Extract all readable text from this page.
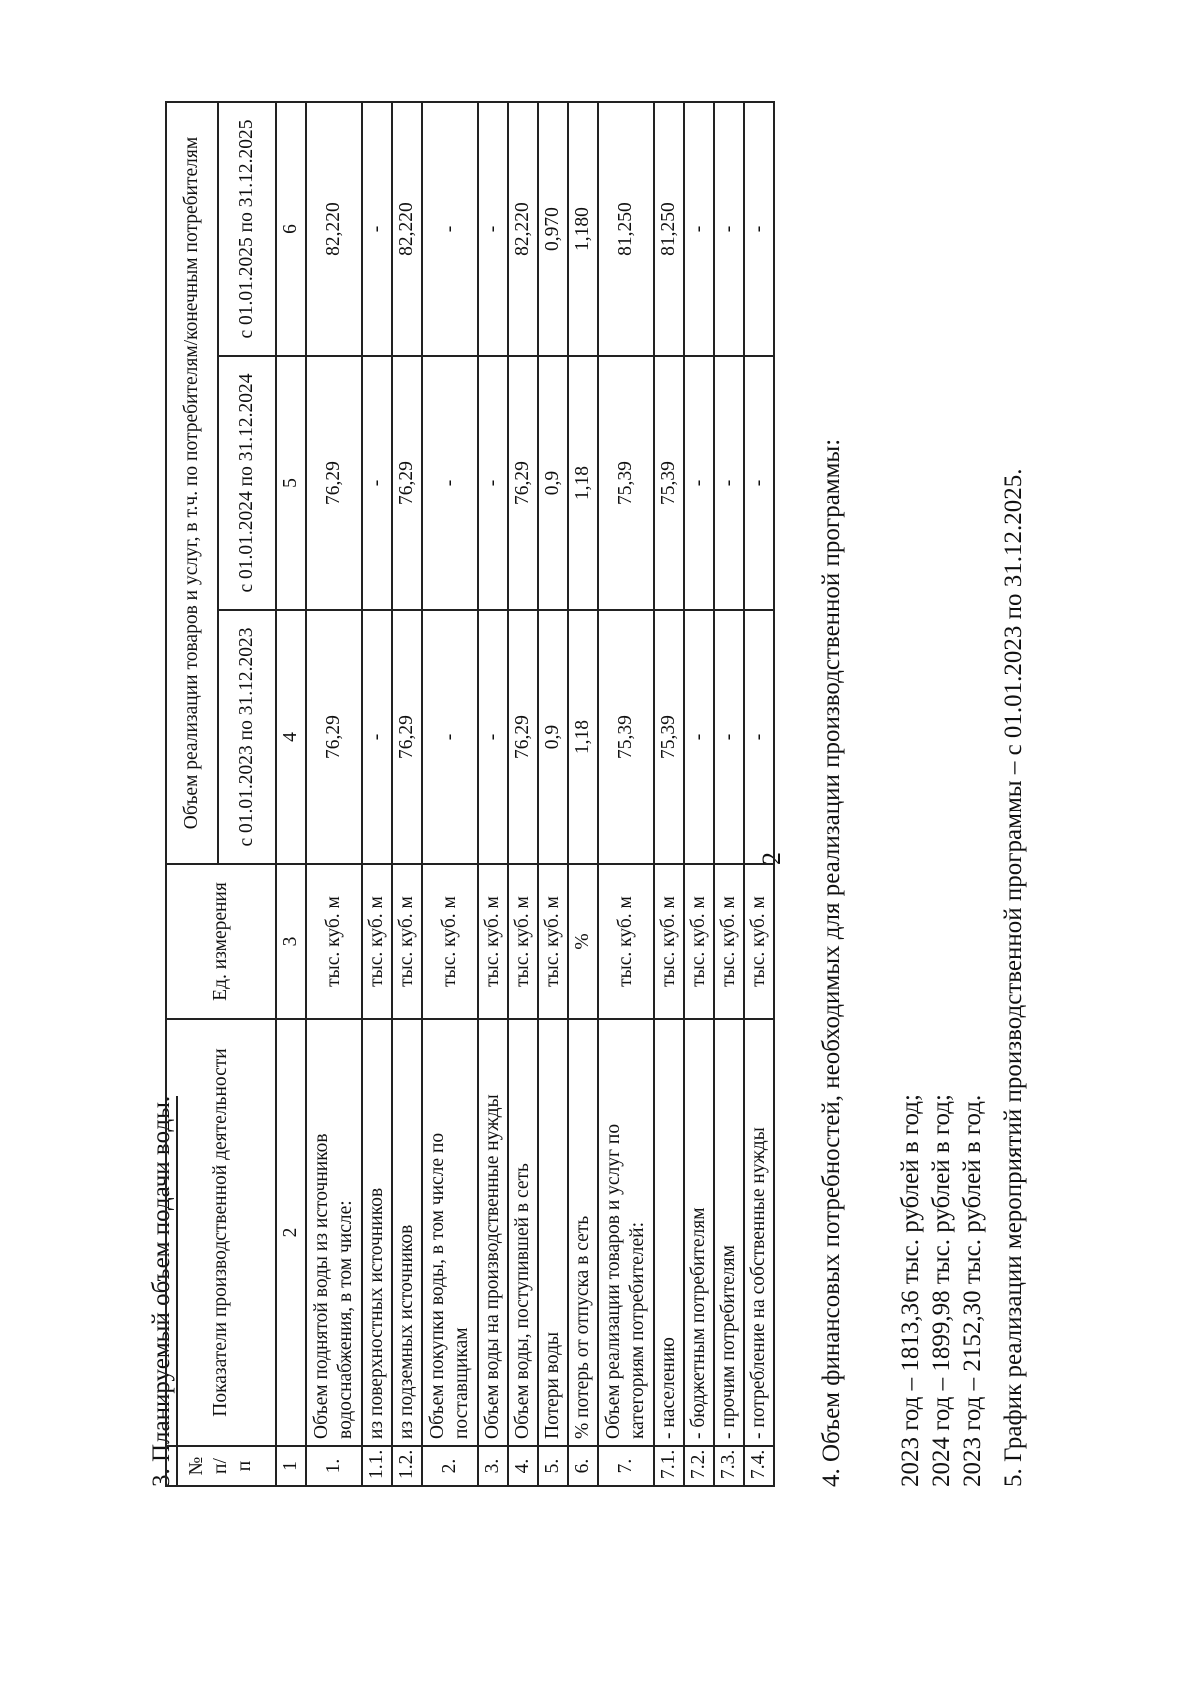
2
3. Планируемый объем подачи воды. № п/п	Показатели производственной деятельности	Ед. измерения	Объем реализации товаров и услуг, в т.ч. по потребителям/конечным потребителям		
			с 01.01.2023 по 31.12.2023	с 01.01.2024 по 31.12.2024	с 01.01.2025 по 31.12.2025
1	2	3	4	5	6
1.	Объем поднятой воды из источников водоснабжения, в том числе:	тыс. куб. м	76,29	76,29	82,220
1.1.	из поверхностных источников	тыс. куб. м	-	-	-
1.2.	из подземных источников	тыс. куб. м	76,29	76,29	82,220
2.	Объем покупки воды, в том числе по поставщикам	тыс. куб. м	-	-	-
3.	Объем воды на производственные нужды	тыс. куб. м	-	-	-
4.	Объем воды, поступившей в сеть	тыс. куб. м	76,29	76,29	82,220
5.	Потери воды	тыс. куб. м	0,9	0,9	0,970
6.	% потерь от отпуска в сеть	%	1,18	1,18	1,180
7.	Объем реализации товаров и услуг по категориям потребителей:	тыс. куб. м	75,39	75,39	81,250
7.1.	- населению	тыс. куб. м	75,39	75,39	81,250
7.2.	- бюджетным потребителям	тыс. куб. м	-	-	-
7.3.	- прочим потребителям	тыс. куб. м	-	-	-
7.4.	- потребление на собственные нужды	тыс. куб. м	-	-	-
4. Объем финансовых потребностей, необходимых для реализации производственной программы: 2023 год – 1813,36 тыс. рублей в год; 2024 год – 1899,98 тыс. рублей в год; 2023 год – 2152,30 тыс. рублей в год. 5. График реализации мероприятий производственной программы – с 01.01.2023 по 31.12.2025.
